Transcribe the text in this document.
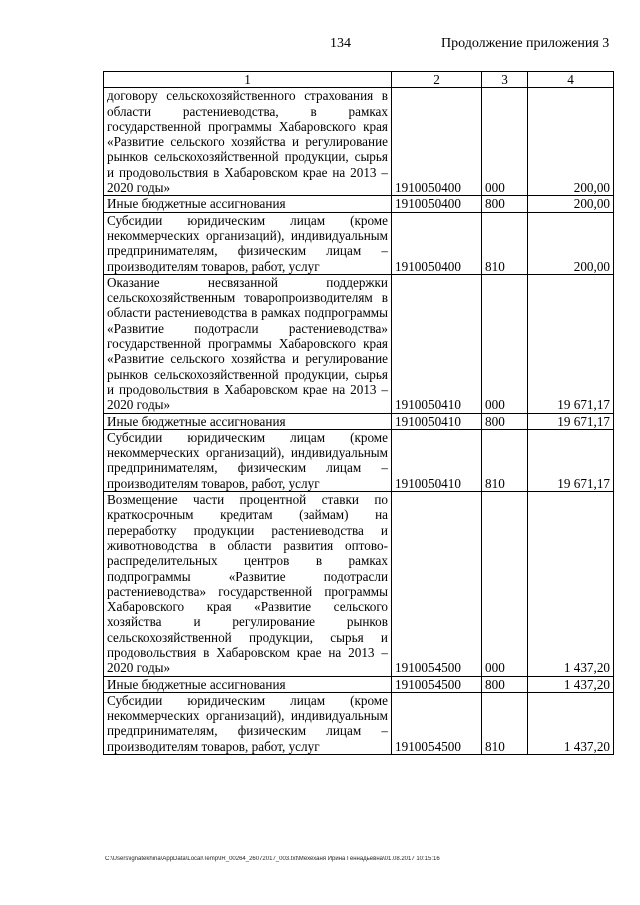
134	Продолжение приложения 3
1	2	3	4
договору сельскохозяйственного страхования в области растениеводства, в рамках государственной программы Хабаровского края «Развитие сельского хозяйства и регулирование рынков сельскохозяйственной продукции, сырья и продовольствия в Хабаровском крае на 2013 – 2020 годы»	1910050400	000	200,00
Иные бюджетные ассигнования	1910050400	800	200,00
Субсидии юридическим лицам (кроме некоммерческих организаций), индивидуальным предпринимателям, физическим лицам – производителям товаров, работ, услуг	1910050400	810	200,00
Оказание несвязанной поддержки сельскохозяйственным товаропроизводителям в области растениеводства в рамках подпрограммы «Развитие подотрасли растениеводства» государственной программы Хабаровского края «Развитие сельского хозяйства и регулирование рынков сельскохозяйственной продукции, сырья и продовольствия в Хабаровском крае на 2013 – 2020 годы»	1910050410	000	19 671,17
Иные бюджетные ассигнования	1910050410	800	19 671,17
Субсидии юридическим лицам (кроме некоммерческих организаций), индивидуальным предпринимателям, физическим лицам – производителям товаров, работ, услуг	1910050410	810	19 671,17
Возмещение части процентной ставки по краткосрочным кредитам (займам) на переработку продукции растениеводства и животноводства в области развития оптово-распределительных центров в рамках подпрограммы «Развитие подотрасли растениеводства» государственной программы Хабаровского края «Развитие сельского хозяйства и регулирование рынков сельскохозяйственной продукции, сырья и продовольствия в Хабаровском крае на 2013 – 2020 годы»	1910054500	000	1 437,20
Иные бюджетные ассигнования	1910054500	800	1 437,20
Субсидии юридическим лицам (кроме некоммерческих организаций), индивидуальным предпринимателям, физическим лицам – производителям товаров, работ, услуг	1910054500	810	1 437,20
C:\Users\ignatekhina\AppData\Local\Temp\IR_00264_26072017_003.txt\Мехеханя Ирина Геннадьевна\01.08.2017 10:15:16
